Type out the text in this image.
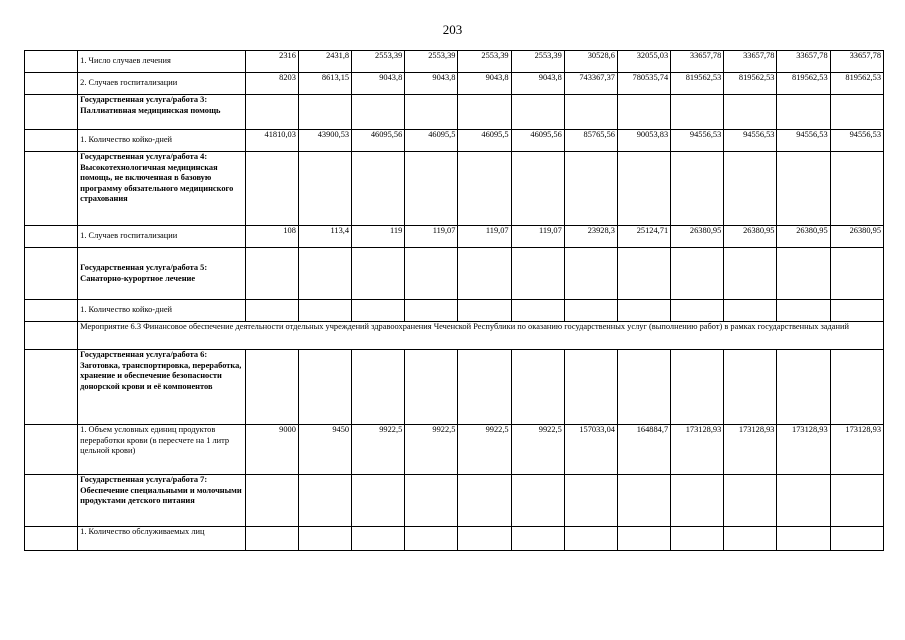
203
	1. Число случаев лечения	2316	2431,8	2553,39	2553,39	2553,39	2553,39	30528,6	32055,03	33657,78	33657,78	33657,78	33657,78
	2. Случаев госпитализации	8203	8613,15	9043,8	9043,8	9043,8	9043,8	743367,37	780535,74	819562,53	819562,53	819562,53	819562,53
	Государственная услуга/работа 3: Паллиативная медицинская помощь												
	1. Количество койко-дней	41810,03	43900,53	46095,56	46095,5	46095,5	46095,56	85765,56	90053,83	94556,53	94556,53	94556,53	94556,53
	Государственная услуга/работа 4: Высокотехнологичная медицинская помощь, не включенная в базовую программу обязательного медицинского страхования												
	1. Случаев госпитализации	108	113,4	119	119,07	119,07	119,07	23928,3	25124,71	26380,95	26380,95	26380,95	26380,95
	Государственная услуга/работа 5: Санаторно-курортное лечение												
	1. Количество койко-дней												
	Мероприятие 6.3 Финансовое обеспечение деятельности отдельных учреждений здравоохранения Чеченской Республики по оказанию государственных услуг (выполнению работ) в рамках государственных заданий												
	Государственная услуга/работа 6: Заготовка, транспортировка, переработка, хранение и обеспечение безопасности донорской крови и её компонентов												
	1. Объем условных единиц продуктов переработки крови (в пересчете на 1 литр цельной крови)	9000	9450	9922,5	9922,5	9922,5	9922,5	157033,04	164884,7	173128,93	173128,93	173128,93	173128,93
	Государственная услуга/работа 7: Обеспечение специальными и молочными продуктами детского питания												
	1. Количество обслуживаемых лиц												
